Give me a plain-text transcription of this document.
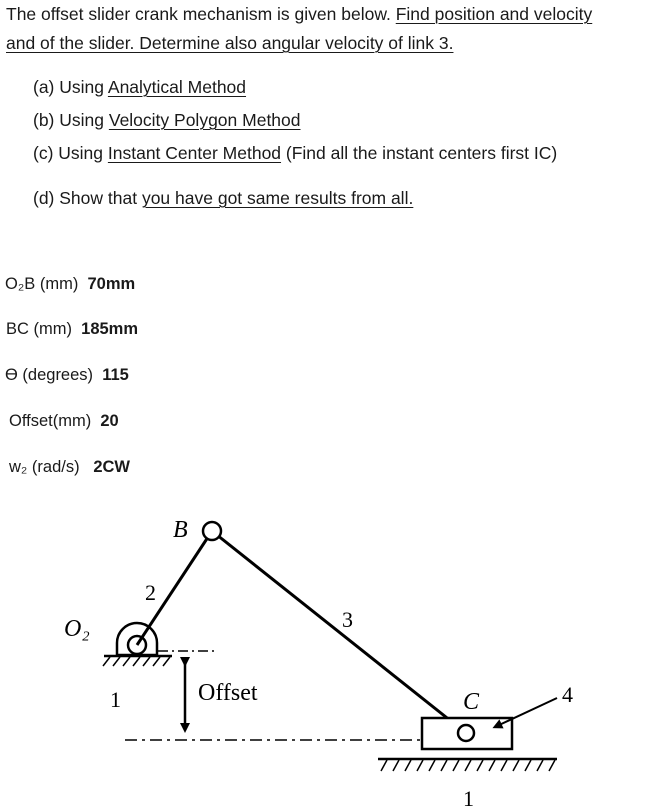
The offset slider crank mechanism is given below. Find position and velocity
and of the slider. Determine also angular velocity of link 3.
(a) Using Analytical Method
(b) Using Velocity Polygon Method
(c) Using Instant Center Method (Find all the instant centers first IC)
(d) Show that you have got same results from all.
O₂B (mm) 70mm
BC (mm) 185mm
ϴ (degrees) 115
Offset(mm) 20
w₂ (rad/s) 2CW
B
O₂
2
3
1	Offset	C	4
1
